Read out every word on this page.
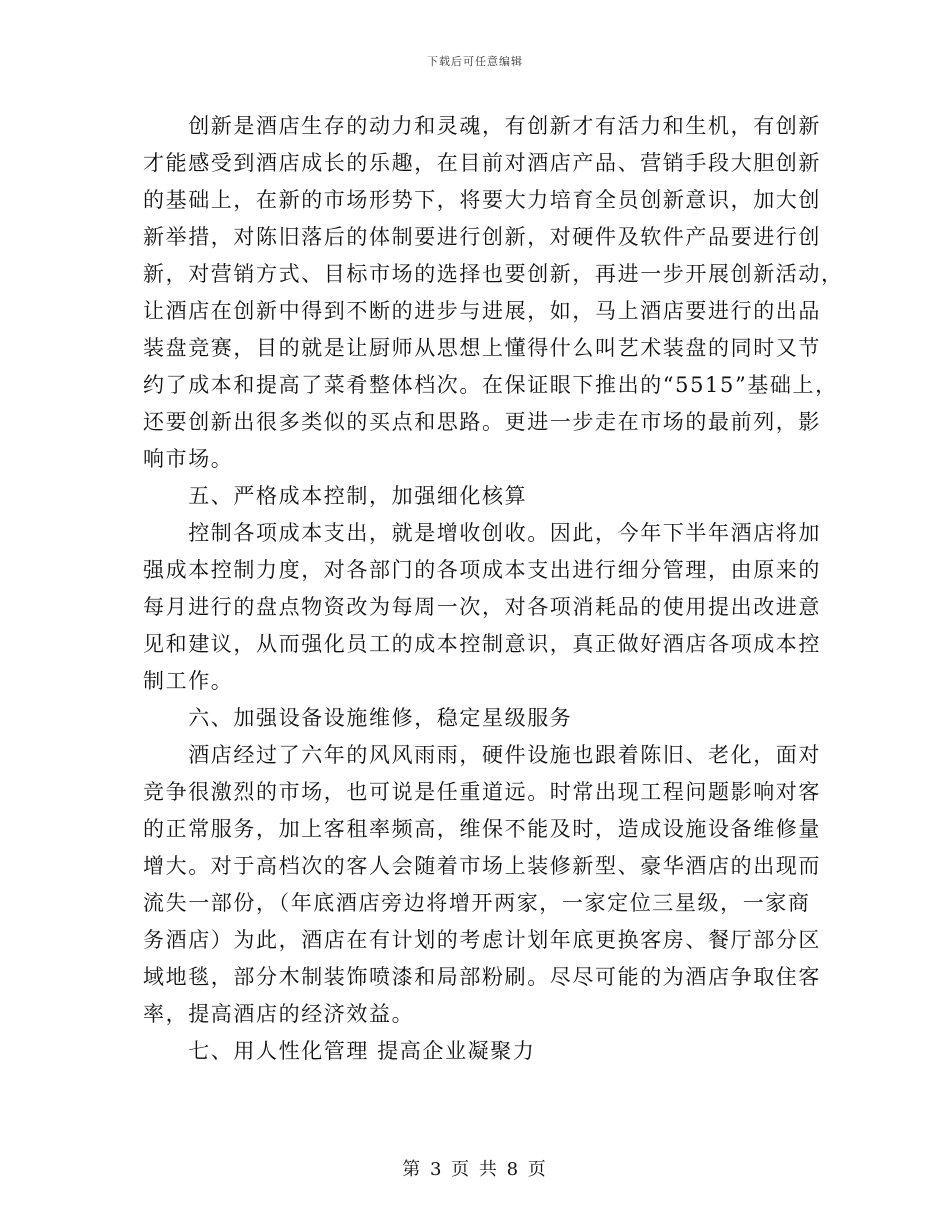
下载后可任意编辑
　　创新是酒店生存的动力和灵魂，有创新才有活力和生机，有创新
才能感受到酒店成长的乐趣，在目前对酒店产品、营销手段大胆创新
的基础上，在新的市场形势下，将要大力培育全员创新意识，加大创
新举措，对陈旧落后的体制要进行创新，对硬件及软件产品要进行创
新，对营销方式、目标市场的选择也要创新，再进一步开展创新活动，
让酒店在创新中得到不断的进步与进展，如，马上酒店要进行的出品
装盘竞赛，目的就是让厨师从思想上懂得什么叫艺术装盘的同时又节
约了成本和提高了菜肴整体档次。在保证眼下推出的“5515”基础上，
还要创新出很多类似的买点和思路。更进一步走在市场的最前列，影
响市场。
　　五、严格成本控制，加强细化核算
　　控制各项成本支出，就是增收创收。因此，今年下半年酒店将加
强成本控制力度，对各部门的各项成本支出进行细分管理，由原来的
每月进行的盘点物资改为每周一次，对各项消耗品的使用提出改进意
见和建议，从而强化员工的成本控制意识，真正做好酒店各项成本控
制工作。
　　六、加强设备设施维修，稳定星级服务
　　酒店经过了六年的风风雨雨，硬件设施也跟着陈旧、老化，面对
竞争很激烈的市场，也可说是任重道远。时常出现工程问题影响对客
的正常服务，加上客租率频高，维保不能及时，造成设施设备维修量
增大。对于高档次的客人会随着市场上装修新型、豪华酒店的出现而
流失一部份，（年底酒店旁边将增开两家，一家定位三星级，一家商
务酒店）为此，酒店在有计划的考虑计划年底更换客房、餐厅部分区
域地毯，部分木制装饰喷漆和局部粉刷。尽尽可能的为酒店争取住客
率，提高酒店的经济效益。
　　七、用人性化管理 提高企业凝聚力
第 3 页 共 8 页
